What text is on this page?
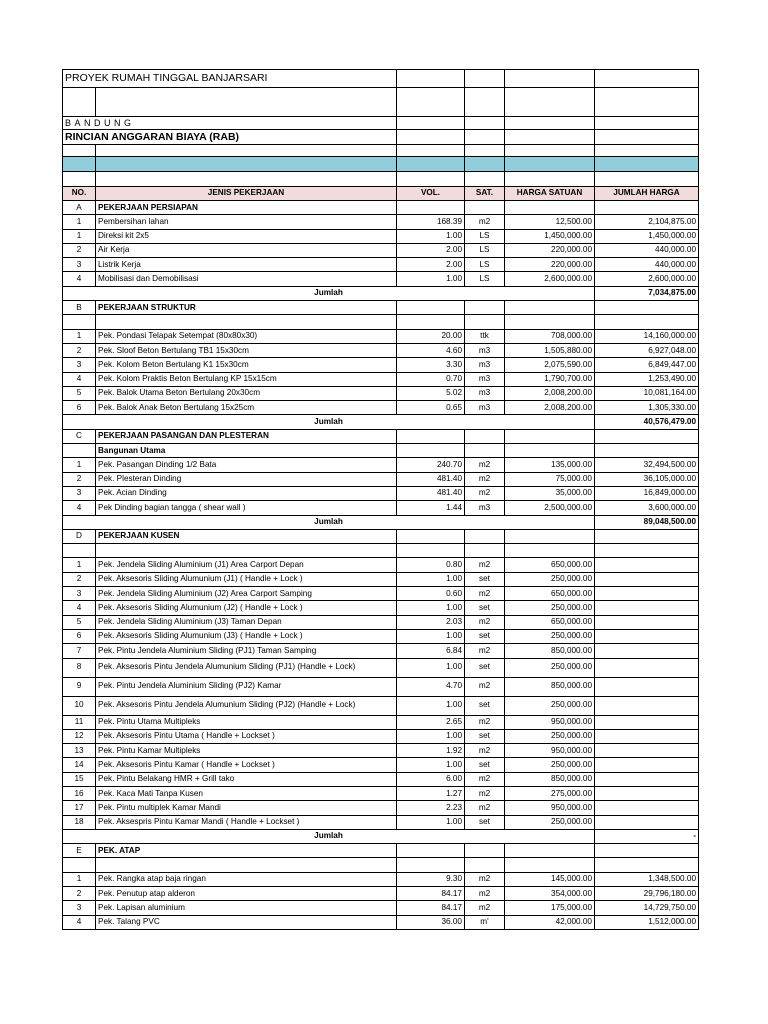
PROYEK RUMAH TINGGAL BANJARSARI					

BANDUNG					
RINCIAN ANGGARAN BIAYA (RAB)					

NO.	JENIS PEKERJAAN	VOL.	SAT.	HARGA SATUAN	JUMLAH HARGA
A	PEKERJAAN PERSIAPAN				
1	Pembersihan lahan	168.39	m2	12,500.00	2,104,875.00
1	Direksi kit 2x5	1.00	LS	1,450,000.00	1,450,000.00
2	Air Kerja	2.00	LS	220,000.00	440,000.00
3	Listrik Kerja	2.00	LS	220,000.00	440,000.00
4	Mobilisasi dan Demobilisasi	1.00	LS	2,600,000.00	2,600,000.00
Jumlah					7,034,875.00
B	PEKERJAAN STRUKTUR				

1	Pek. Pondasi Telapak Setempat (80x80x30)	20.00	ttk	708,000.00	14,160,000.00
2	Pek. Sloof Beton Bertulang TB1 15x30cm	4.60	m3	1,505,880.00	6,927,048.00
3	Pek. Kolom Beton Bertulang K1 15x30cm	3.30	m3	2,075,590.00	6,849,447.00
4	Pek. Kolom Praktis Beton Bertulang KP 15x15cm	0.70	m3	1,790,700.00	1,253,490.00
5	Pek. Balok Utama Beton Bertulang 20x30cm	5.02	m3	2,008,200.00	10,081,164.00
6	Pek. Balok Anak Beton Bertulang 15x25cm	0.65	m3	2,008,200.00	1,305,330.00
Jumlah					40,576,479.00
C	PEKERJAAN PASANGAN DAN PLESTERAN				
	Bangunan Utama				
1	Pek. Pasangan Dinding 1/2 Bata	240.70	m2	135,000.00	32,494,500.00
2	Pek. Plesteran Dinding	481.40	m2	75,000.00	36,105,000.00
3	Pek. Acian Dinding	481.40	m2	35,000.00	16,849,000.00
4	Pek Dinding bagian tangga ( shear wall )	1.44	m3	2,500,000.00	3,600,000.00
Jumlah					89,048,500.00
D	PEKERJAAN KUSEN				

1	Pek. Jendela Sliding Aluminium (J1) Area Carport Depan	0.80	m2	650,000.00	
2	Pek. Aksesoris Sliding Alumunium (J1) ( Handle + Lock )	1.00	set	250,000.00	
3	Pek. Jendela Sliding Aluminium (J2) Area Carport Samping	0.60	m2	650,000.00	
4	Pek. Aksesoris Sliding Alumunium (J2) ( Handle + Lock )	1.00	set	250,000.00	
5	Pek. Jendela Sliding Aluminium (J3) Taman Depan	2.03	m2	650,000.00	
6	Pek. Aksesoris Sliding Alumunium (J3) ( Handle + Lock )	1.00	set	250,000.00	
7	Pek. Pintu Jendela Aluminium Sliding (PJ1) Taman Samping	6.84	m2	850,000.00	
8	Pek. Aksesoris Pintu Jendela Alumunium Sliding (PJ1) (Handle + Lock)	1.00	set	250,000.00	
9	Pek. Pintu Jendela Aluminium Sliding (PJ2) Kamar	4.70	m2	850,000.00	
10	Pek. Aksesoris Pintu Jendela Alumunium Sliding (PJ2) (Handle + Lock)	1.00	set	250,000.00	
11	Pek. Pintu Utama Multipleks	2.65	m2	950,000.00	
12	Pek. Aksesoris Pintu Utama ( Handle + Lockset )	1.00	set	250,000.00	
13	Pek. Pintu Kamar Multipleks	1.92	m2	950,000.00	
14	Pek. Aksesoris Pintu Kamar ( Handle + Lockset )	1.00	set	250,000.00	
15	Pek. Pintu Belakang HMR + Grill tako	6.00	m2	850,000.00	
16	Pek. Kaca Mati Tanpa Kusen	1.27	m2	275,000.00	
17	Pek. Pintu multiplek Kamar Mandi	2.23	m2	950,000.00	
18	Pek. Aksespris Pintu Kamar Mandi ( Handle + Lockset )	1.00	set	250,000.00	
Jumlah					-
E	PEK. ATAP				

1	Pek. Rangka atap baja ringan	9.30	m2	145,000.00	1,348,500.00
2	Pek. Penutup atap alderon	84.17	m2	354,000.00	29,796,180.00
3	Pek. Lapisan aluminium	84.17	m2	175,000.00	14,729,750.00
4	Pek. Talang PVC	36.00	m'	42,000.00	1,512,000.00
